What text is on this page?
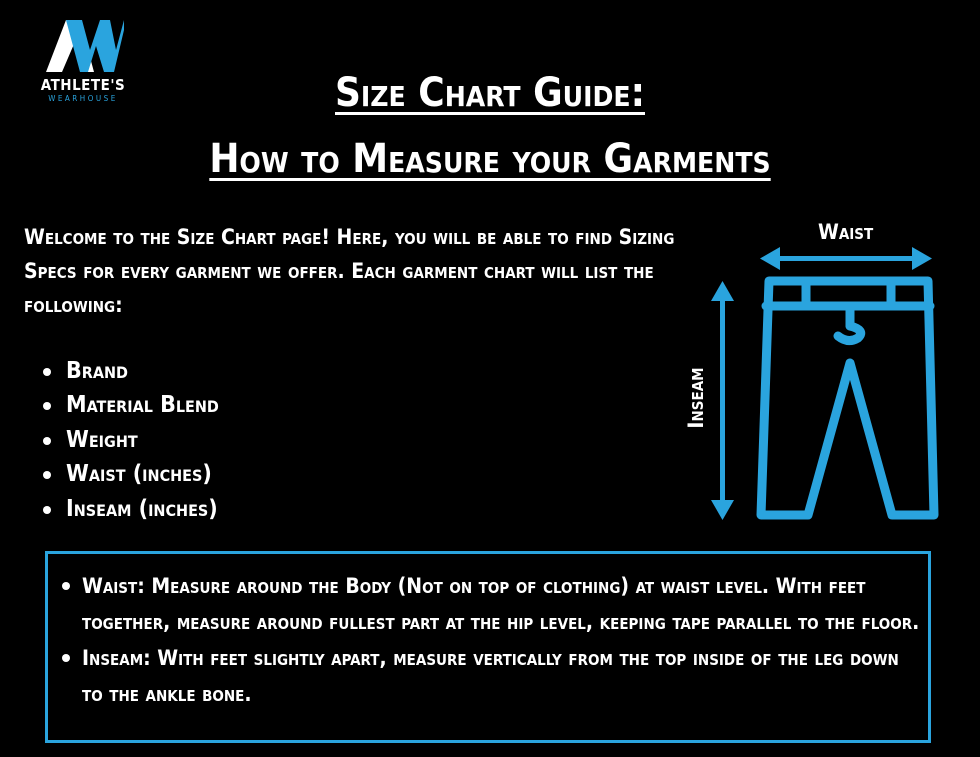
ATHLETE'S
WEARHOUSE	Size Chart Guide:
How to Measure your Garments

Welcome to the Size Chart page! Here, you will be able to find Sizing Specs for every garment we offer. Each garment chart will list the following:

Brand
Material Blend
Weight
Waist (inches)
Inseam (inches)
Waist
Inseam
Waist: Measure around the Body (Not on top of clothing) at waist level. With feet together, measure around fullest part at the hip level, keeping tape parallel to the floor.
Inseam: With feet slightly apart, measure vertically from the top inside of the leg down to the ankle bone.
